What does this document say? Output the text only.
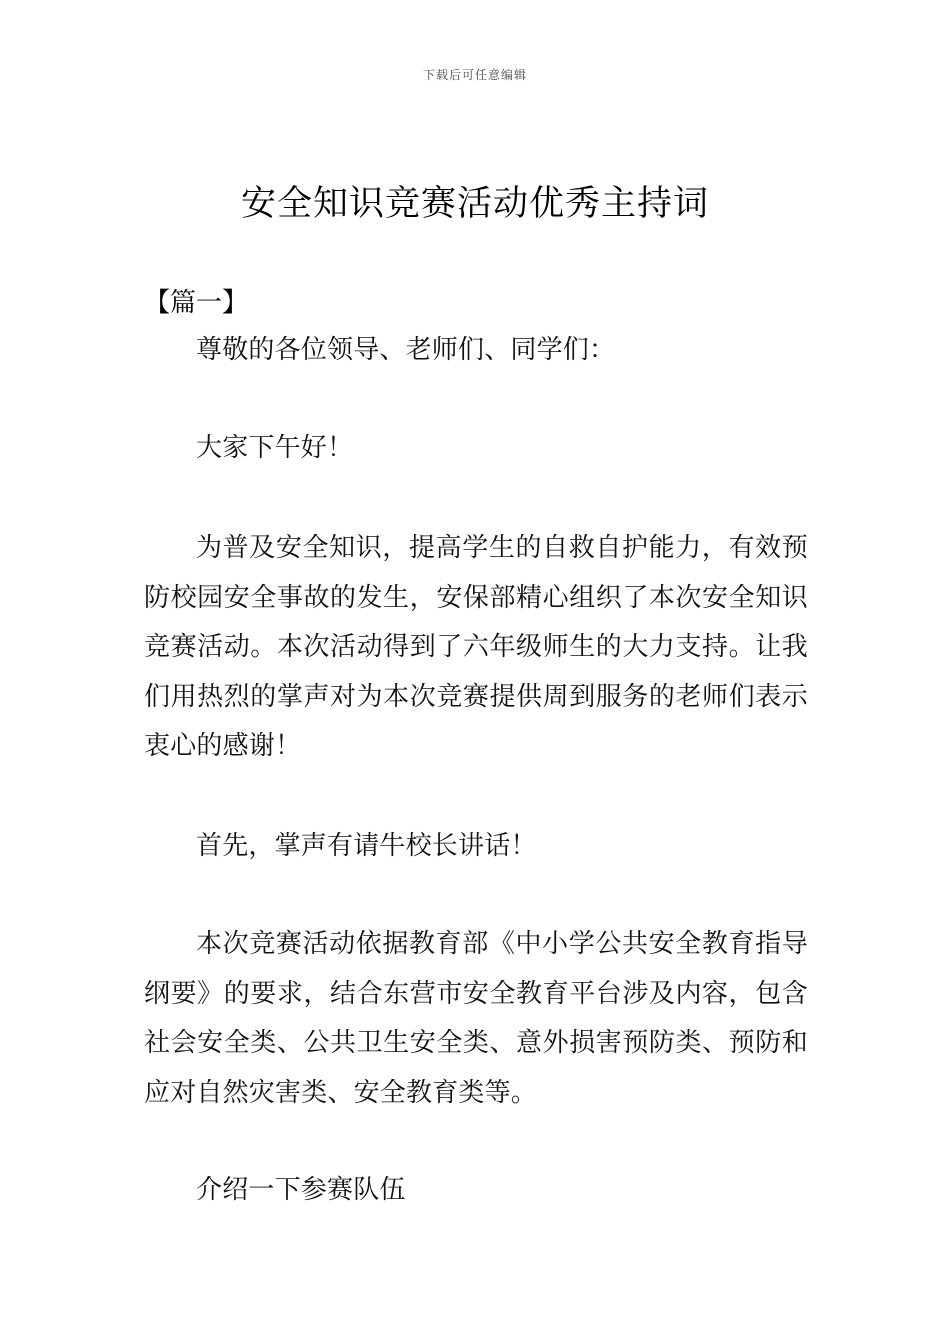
下载后可任意编辑
安全知识竞赛活动优秀主持词
【篇一】

尊敬的各位领导、老师们、同学们：

大家下午好！

为普及安全知识，提高学生的自救自护能力，有效预防校园安全事故的发生，安保部精心组织了本次安全知识竞赛活动。本次活动得到了六年级师生的大力支持。让我们用热烈的掌声对为本次竞赛提供周到服务的老师们表示衷心的感谢！

首先，掌声有请牛校长讲话！

本次竞赛活动依据教育部《中小学公共安全教育指导纲要》的要求，结合东营市安全教育平台涉及内容，包含社会安全类、公共卫生安全类、意外损害预防类、预防和应对自然灾害类、安全教育类等。

介绍一下参赛队伍
